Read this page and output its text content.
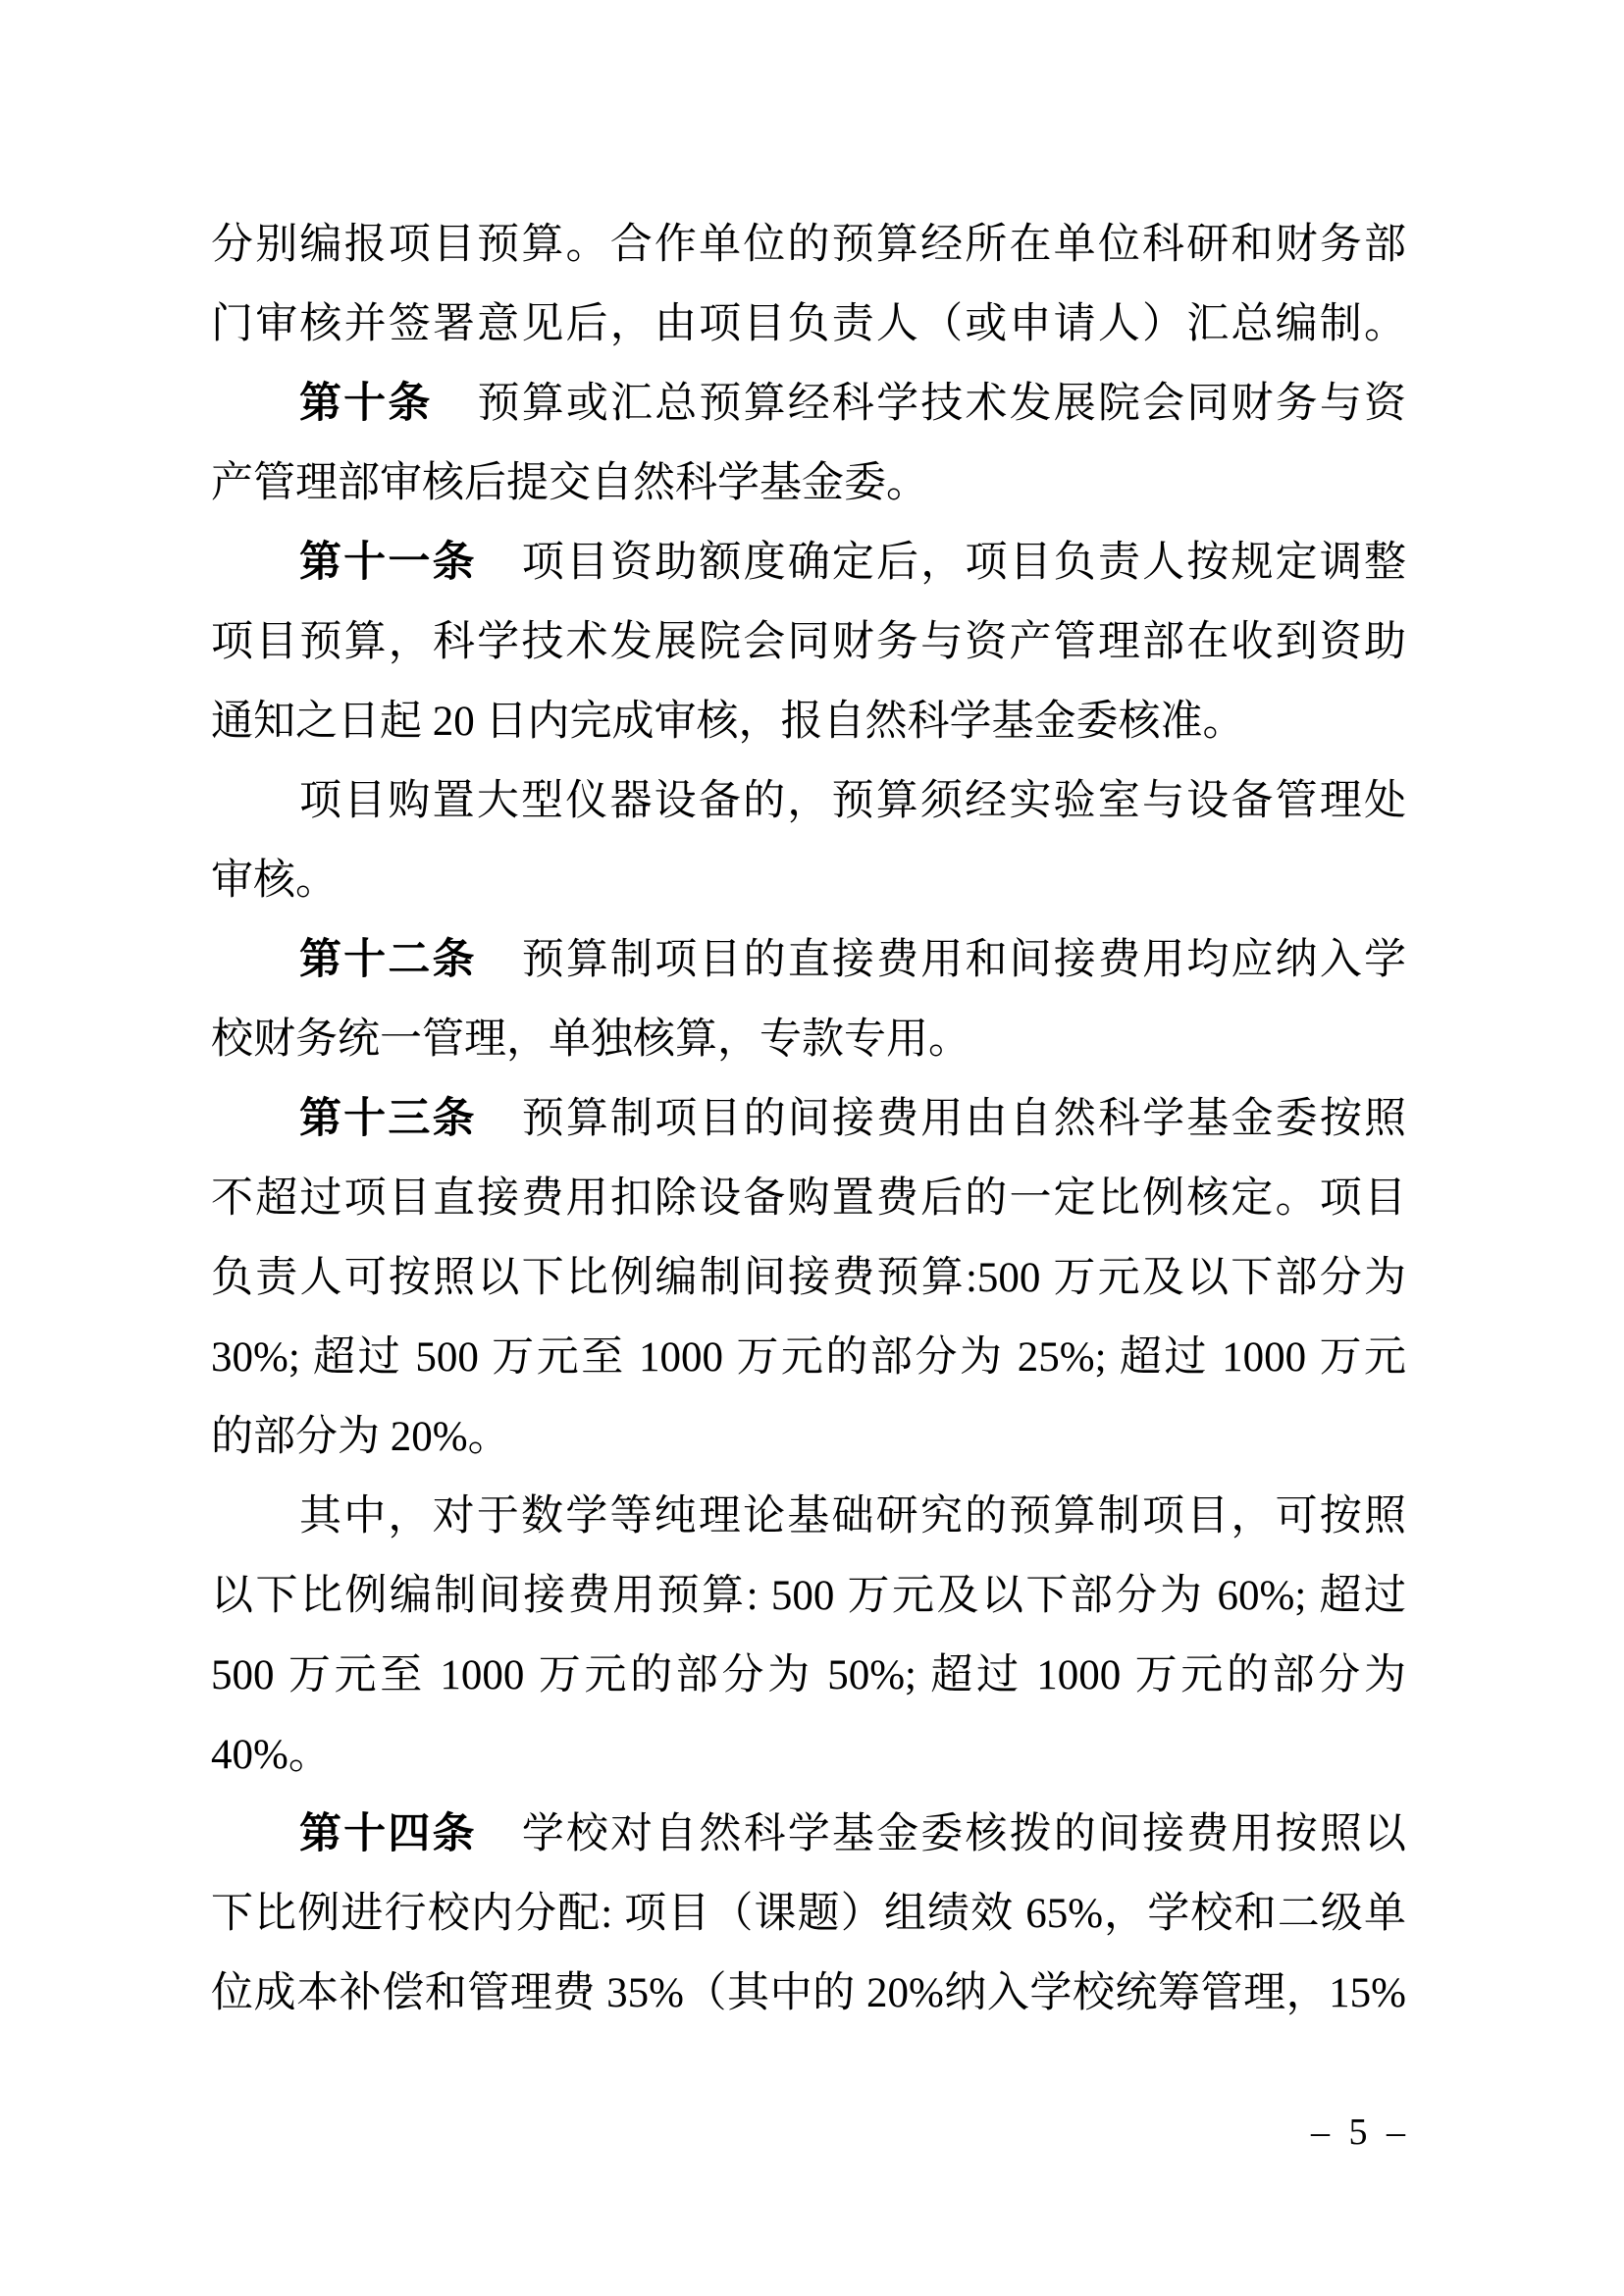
分别编报项目预算。合作单位的预算经所在单位科研和财务部
门审核并签署意见后，由项目负责人（或申请人）汇总编制。
第十条 预算或汇总预算经科学技术发展院会同财务与资
产管理部审核后提交自然科学基金委。
第十一条 项目资助额度确定后，项目负责人按规定调整
项目预算，科学技术发展院会同财务与资产管理部在收到资助
通知之日起 20 日内完成审核，报自然科学基金委核准。
项目购置大型仪器设备的，预算须经实验室与设备管理处
审核。
第十二条 预算制项目的直接费用和间接费用均应纳入学
校财务统一管理，单独核算，专款专用。
第十三条 预算制项目的间接费用由自然科学基金委按照
不超过项目直接费用扣除设备购置费后的一定比例核定。项目
负责人可按照以下比例编制间接费预算:500 万元及以下部分为
30%; 超过 500 万元至 1000 万元的部分为 25%; 超过 1000 万元
的部分为 20%。
其中，对于数学等纯理论基础研究的预算制项目，可按照
以下比例编制间接费用预算: 500 万元及以下部分为 60%; 超过
500 万元至 1000 万元的部分为 50%; 超过 1000 万元的部分为
40%。
第十四条 学校对自然科学基金委核拨的间接费用按照以
下比例进行校内分配: 项目（课题）组绩效 65%，学校和二级单
位成本补偿和管理费 35%（其中的 20%纳入学校统筹管理，15%
– 5 –
